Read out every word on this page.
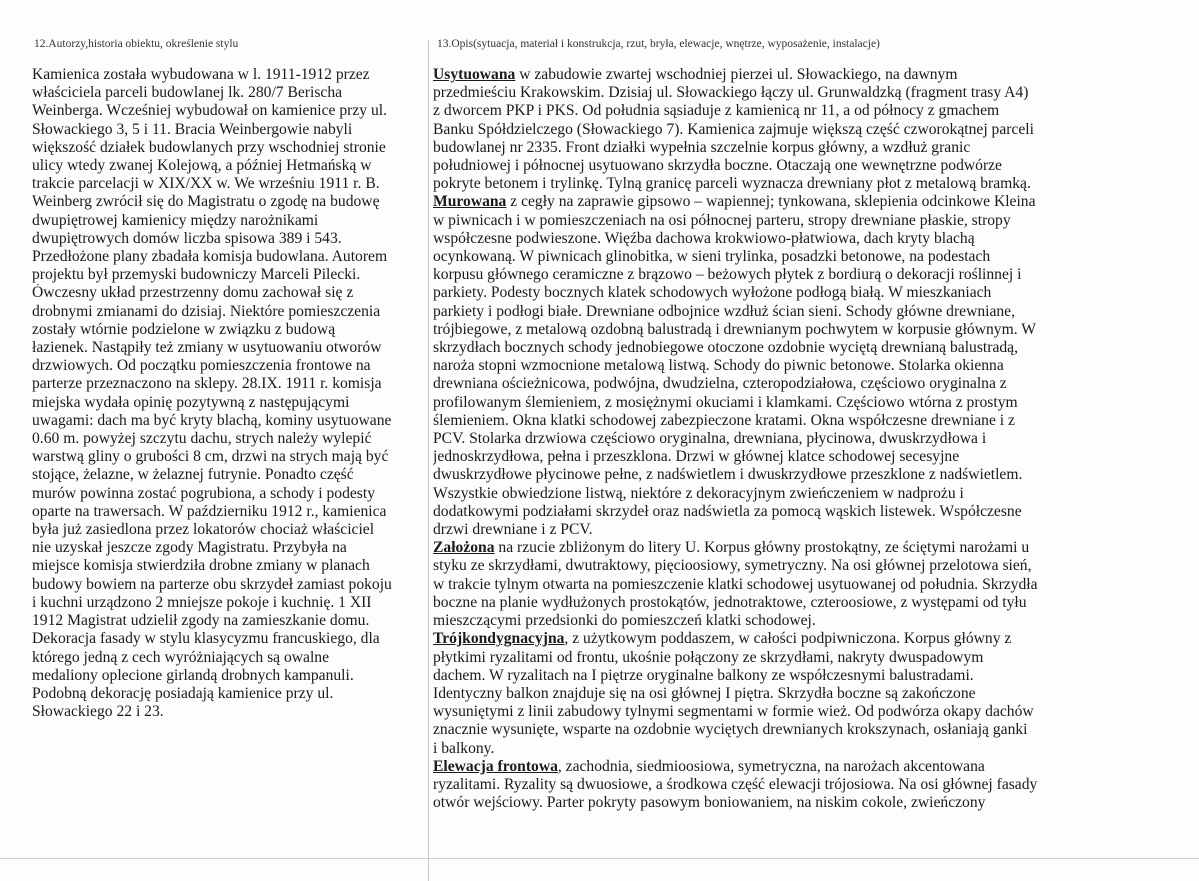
12.Autorzy,historia obiektu, określenie stylu	13.Opis(sytuacja, materiał i konstrukcja, rzut, bryła, elewacje, wnętrze, wyposażenie, instalacje)
Kamienica została wybudowana w l. 1911-1912 przez
właściciela parceli budowlanej lk. 280/7 Berischa
Weinberga. Wcześniej wybudował on kamienice przy ul.
Słowackiego 3, 5 i 11. Bracia Weinbergowie nabyli
większość działek budowlanych przy wschodniej stronie
ulicy wtedy zwanej Kolejową, a później Hetmańską w
trakcie parcelacji w XIX/XX w. We wrześniu 1911 r. B.
Weinberg zwrócił się do Magistratu o zgodę na budowę
dwupiętrowej kamienicy między narożnikami
dwupiętrowych domów liczba spisowa 389 i 543.
Przedłożone plany zbadała komisja budowlana. Autorem
projektu był przemyski budowniczy Marceli Pilecki.
Ówczesny układ przestrzenny domu zachował się z
drobnymi zmianami do dzisiaj. Niektóre pomieszczenia
zostały wtórnie podzielone w związku z budową
łazienek. Nastąpiły też zmiany w usytuowaniu otworów
drzwiowych. Od początku pomieszczenia frontowe na
parterze przeznaczono na sklepy. 28.IX. 1911 r. komisja
miejska wydała opinię pozytywną z następującymi
uwagami: dach ma być kryty blachą, kominy usytuowane
0.60 m. powyżej szczytu dachu, strych należy wylepić
warstwą gliny o grubości 8 cm, drzwi na strych mają być
stojące, żelazne, w żelaznej futrynie. Ponadto część
murów powinna zostać pogrubiona, a schody i podesty
oparte na trawersach. W październiku 1912 r., kamienica
była już zasiedlona przez lokatorów chociaż właściciel
nie uzyskał jeszcze zgody Magistratu. Przybyła na
miejsce komisja stwierdziła drobne zmiany w planach
budowy bowiem na parterze obu skrzydeł zamiast pokoju
i kuchni urządzono 2 mniejsze pokoje i kuchnię. 1 XII
1912 Magistrat udzielił zgody na zamieszkanie domu.
Dekoracja fasady w stylu klasycyzmu francuskiego, dla
którego jedną z cech wyróżniających są owalne
medaliony oplecione girlandą drobnych kampanuli.
Podobną dekorację posiadają kamienice przy ul.
Słowackiego 22 i 23.
Usytuowana w zabudowie zwartej wschodniej pierzei ul. Słowackiego, na dawnym
przedmieściu Krakowskim. Dzisiaj ul. Słowackiego łączy ul. Grunwaldzką (fragment trasy A4)
z dworcem PKP i PKS. Od południa sąsiaduje z kamienicą nr 11, a od północy z gmachem
Banku Spółdzielczego (Słowackiego 7). Kamienica zajmuje większą część czworokątnej parceli
budowlanej nr 2335. Front działki wypełnia szczelnie korpus główny, a wzdłuż granic
południowej i północnej usytuowano skrzydła boczne. Otaczają one wewnętrzne podwórze
pokryte betonem i trylinkę. Tylną granicę parceli wyznacza drewniany płot z metalową bramką.
Murowana z cegły na zaprawie gipsowo – wapiennej; tynkowana, sklepienia odcinkowe Kleina
w piwnicach i w pomieszczeniach na osi północnej parteru, stropy drewniane płaskie, stropy
współczesne podwieszone. Więźba dachowa krokwiowo-płatwiowa, dach kryty blachą
ocynkowaną. W piwnicach glinobitka, w sieni trylinka, posadzki betonowe, na podestach
korpusu głównego ceramiczne z brązowo – beżowych płytek z bordiurą o dekoracji roślinnej i
parkiety. Podesty bocznych klatek schodowych wyłożone podłogą białą. W mieszkaniach
parkiety i podłogi białe. Drewniane odbojnice wzdłuż ścian sieni. Schody główne drewniane,
trójbiegowe, z metalową ozdobną balustradą i drewnianym pochwytem w korpusie głównym. W
skrzydłach bocznych schody jednobiegowe otoczone ozdobnie wyciętą drewnianą balustradą,
naroża stopni wzmocnione metalową listwą. Schody do piwnic betonowe. Stolarka okienna
drewniana ościeżnicowa, podwójna, dwudzielna, czteropodziałowa, częściowo oryginalna z
profilowanym ślemieniem, z mosiężnymi okuciami i klamkami. Częściowo wtórna z prostym
ślemieniem. Okna klatki schodowej zabezpieczone kratami. Okna współczesne drewniane i z
PCV. Stolarka drzwiowa częściowo oryginalna, drewniana, płycinowa, dwuskrzydłowa i
jednoskrzydłowa, pełna i przeszklona. Drzwi w głównej klatce schodowej secesyjne
dwuskrzydłowe płycinowe pełne, z nadświetlem i dwuskrzydłowe przeszklone z nadświetlem.
Wszystkie obwiedzione listwą, niektóre z dekoracyjnym zwieńczeniem w nadprożu i
dodatkowymi podziałami skrzydeł oraz nadświetla za pomocą wąskich listewek. Współczesne
drzwi drewniane i z PCV.
Założona na rzucie zbliżonym do litery U. Korpus główny prostokątny, ze ściętymi narożami u
styku ze skrzydłami, dwutraktowy, pięcioosiowy, symetryczny. Na osi głównej przelotowa sień,
w trakcie tylnym otwarta na pomieszczenie klatki schodowej usytuowanej od południa. Skrzydła
boczne na planie wydłużonych prostokątów, jednotraktowe, czteroosiowe, z występami od tyłu
mieszczącymi przedsionki do pomieszczeń klatki schodowej.
Trójkondygnacyjna, z użytkowym poddaszem, w całości podpiwniczona. Korpus główny z
płytkimi ryzalitami od frontu, ukośnie połączony ze skrzydłami, nakryty dwuspadowym
dachem. W ryzalitach na I piętrze oryginalne balkony ze współczesnymi balustradami.
Identyczny balkon znajduje się na osi głównej I piętra. Skrzydła boczne są zakończone
wysuniętymi z linii zabudowy tylnymi segmentami w formie wież. Od podwórza okapy dachów
znacznie wysunięte, wsparte na ozdobnie wyciętych drewnianych krokszynach, osłaniają ganki
i balkony.
Elewacja frontowa, zachodnia, siedmioosiowa, symetryczna, na narożach akcentowana
ryzalitami. Ryzality są dwuosiowe, a środkowa część elewacji trójosiowa. Na osi głównej fasady
otwór wejściowy. Parter pokryty pasowym boniowaniem, na niskim cokole, zwieńczony
